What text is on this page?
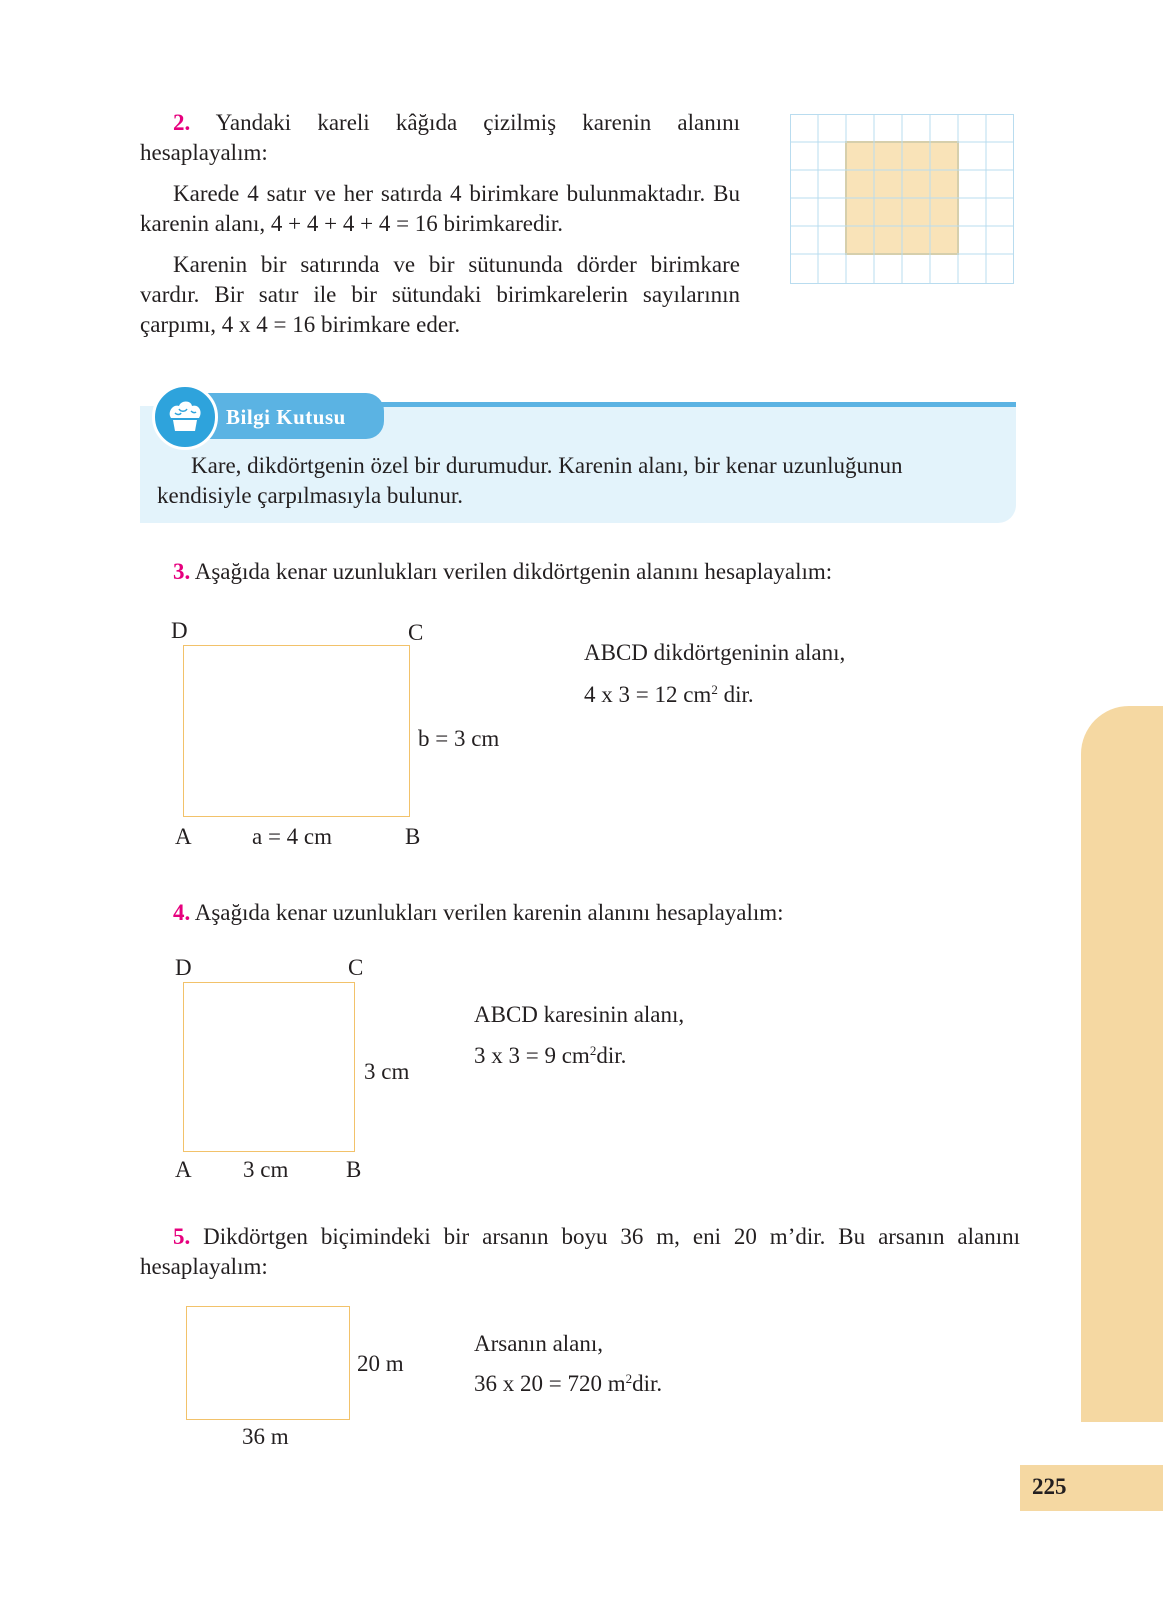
2. Yandaki kareli kâğıda çizilmiş karenin alanını hesaplayalım:

Karede 4 satır ve her satırda 4 birimkare bulunmaktadır. Bu karenin alanı, 4 + 4 + 4 + 4 = 16 birimkaredir.

Karenin bir satırında ve bir sütununda dörder birimkare vardır. Bir satır ile bir sütundaki birimkarelerin sayılarının çarpımı, 4 x 4 = 16 birimkare eder.

Bilgi Kutusu

Kare, dikdörtgenin özel bir durumudur. Karenin alanı, bir kenar uzunluğunun kendisiyle çarpılmasıyla bulunur.

3. Aşağıda kenar uzunlukları verilen dikdörtgenin alanını hesaplayalım:

D	C
A	B
a = 4 cm
b = 3 cm

ABCD dikdörtgeninin alanı,

4 x 3 = 12 $cm^2$ dir.

4. Aşağıda kenar uzunlukları verilen karenin alanını hesaplayalım:

D	C
A	B
3 cm
3 cm

ABCD karesinin alanı,

3 x 3 = 9 $cm^2dir$.

5. Dikdörtgen biçimindeki bir arsanın boyu 36 m, eni 20 m’dir. Bu arsanın alanını hesaplayalım:

20 m
36 m

Arsanın alanı,

36 x 20 = 720 $m^2dir$.

225
